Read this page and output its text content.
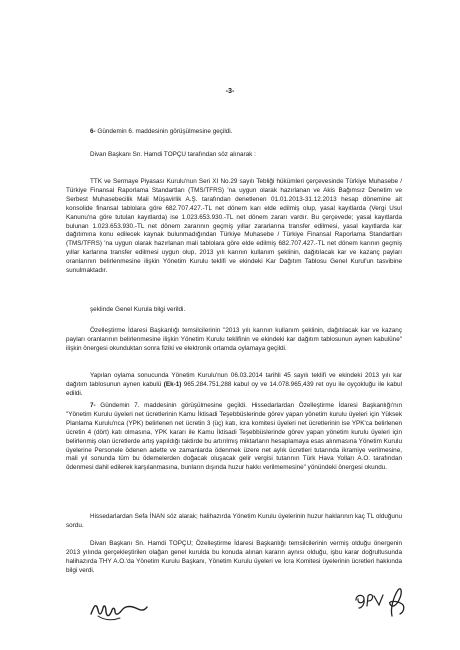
-3-

6- Gündemin 6. maddesinin görüşülmesine geçildi.

Divan Başkanı Sn. Hamdi TOPÇU tarafından söz alınarak :

TTK ve Sermaye Piyasası Kurulu'nun Seri XI No.29 sayılı Tebliği hükümleri çerçevesinde Türkiye Muhasebe / Türkiye Finansal Raporlama Standartları (TMS/TFRS) 'na uygun olarak hazırlanan ve Akis Bağımsız Denetim ve Serbest Muhasebecilik Mali Müşavirlik A.Ş. tarafından denetlenen 01.01.2013-31.12.2013 hesap dönemine ait konsolide finansal tablolara göre 682.707.427.-TL net dönem karı elde edilmiş olup, yasal kayıtlarda (Vergi Usul Kanunu'na göre tutulan kayıtlarda) ise 1.023.653.930.-TL net dönem zararı vardır. Bu çerçevede; yasal kayıtlarda bulunan 1.023.653.930.-TL net dönem zararının geçmiş yıllar zararlarına transfer edilmesi, yasal kayıtlarda kar dağıtımına konu edilecek kaynak bulunmadığından Türkiye Muhasebe / Türkiye Finansal Raporlama Standartları (TMS/TFRS) 'na uygun olarak hazırlanan mali tablolara göre elde edilmiş 682.707.427.-TL net dönem karının geçmiş yıllar karlarına transfer edilmesi uygun olup, 2013 yılı karının kullanım şeklinin, dağıtılacak kar ve kazanç payları oranlarının belirlenmesine ilişkin Yönetim Kurulu teklifi ve ekindeki Kar Dağıtım Tablosu Genel Kurul'un tasvibine sunulmaktadır.

şeklinde Genel Kurula bilgi verildi.

Özelleştirme İdaresi Başkanlığı temsilcilerinin "2013 yılı karının kullanım şeklinin, dağıtılacak kar ve kazanç payları oranlarının belirlenmesine ilişkin Yönetim Kurulu teklifinin ve ekindeki kar dağıtım tablosunun aynen kabulüne" ilişkin önergesi okunduktan sonra fiziki ve elektronik ortamda oylamaya geçildi.

Yapılan oylama sonucunda Yönetim Kurulu'nun 06.03.2014 tarihli 45 sayılı teklifi ve ekindeki 2013 yılı kar dağıtım tablosunun aynen kabulü (Ek-1) 965.284.751,288 kabul oy ve 14.078.965,439 ret oyu ile oyçokluğu ile kabul edildi.

7- Gündemin 7. maddesinin görüşülmesine geçildi. Hissedarlardan Özelleştirme İdaresi Başkanlığı'nın "Yönetim Kurulu üyeleri net ücretlerinin Kamu İktisadi Teşebbüslerinde görev yapan yönetim kurulu üyeleri için Yüksek Planlama Kurulu'nca (YPK) belirlenen net ücretin 3 (üç) katı, icra komitesi üyeleri net ücretlerinin ise YPK'ca belirlenen ücretin 4 (dört) katı olmasına, YPK kararı ile Kamu İktisadi Teşebbüslerinde görev yapan yönetim kurulu üyeleri için belirlenmiş olan ücretlerde artış yapıldığı taktirde bu artırılmış miktarların hesaplamaya esas alınmasına Yönetim Kurulu üyelerine Personele ödenen adette ve zamanlarda ödenmek üzere net aylık ücretleri tutarında ikramiye verilmesine, mali yıl sonunda tüm bu ödemelerden doğacak oluşacak gelir vergisi tutarının Türk Hava Yolları A.O. tarafından ödenmesi dahil edilerek karşılanmasına, bunların dışında huzur hakkı verilmemesine" yönündeki önergesi okundu.

Hissedarlardan Sefa İNAN söz alarak; halihazırda Yönetim Kurulu üyelerinin huzur haklarının kaç TL olduğunu sordu.

Divan Başkanı Sn. Hamdi TOPÇU; Özelleştirme İdaresi Başkanlığı temsilcilerinin vermiş olduğu önergenin 2013 yılında gerçekleştirilen olağan genel kurulda bu konuda alınan kararın aynısı olduğu, işbu karar doğrultusunda halihazırda THY A.O.'da Yönetim Kurulu Başkanı, Yönetim Kurulu üyeleri ve İcra Komitesi üyelerinin ücretleri hakkında bilgi verdi.
